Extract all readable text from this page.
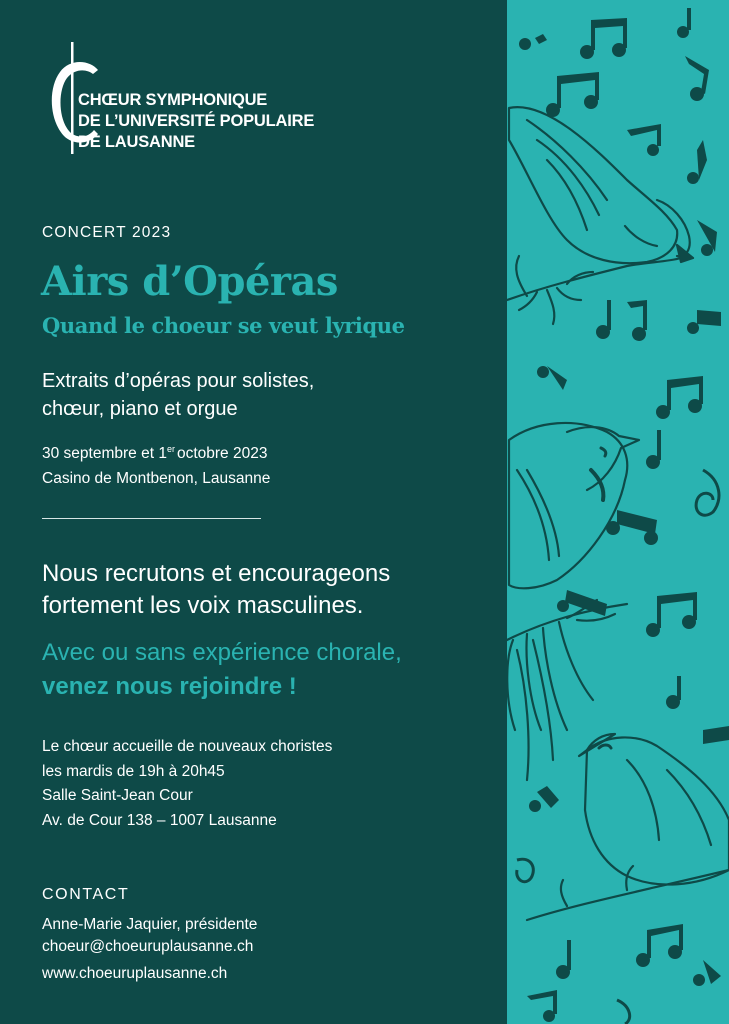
CHŒUR SYMPHONIQUE
DE L’UNIVERSITÉ POPULAIRE
DE LAUSANNE
CONCERT 2023
Airs d’Opéras
Quand le choeur se veut lyrique
Extraits d’opéras pour solistes,
chœur, piano et orgue
30 septembre et 1er octobre 2023
Casino de Montbenon, Lausanne
Nous recrutons et encourageons
fortement les voix masculines.
Avec ou sans expérience chorale,
venez nous rejoindre !
Le chœur accueille de nouveaux choristes
les mardis de 19h à 20h45
Salle Saint-Jean Cour
Av. de Cour 138 – 1007 Lausanne
CONTACT
Anne-Marie Jaquier, présidente
choeur@choeuruplausanne.ch
www.choeuruplausanne.ch
